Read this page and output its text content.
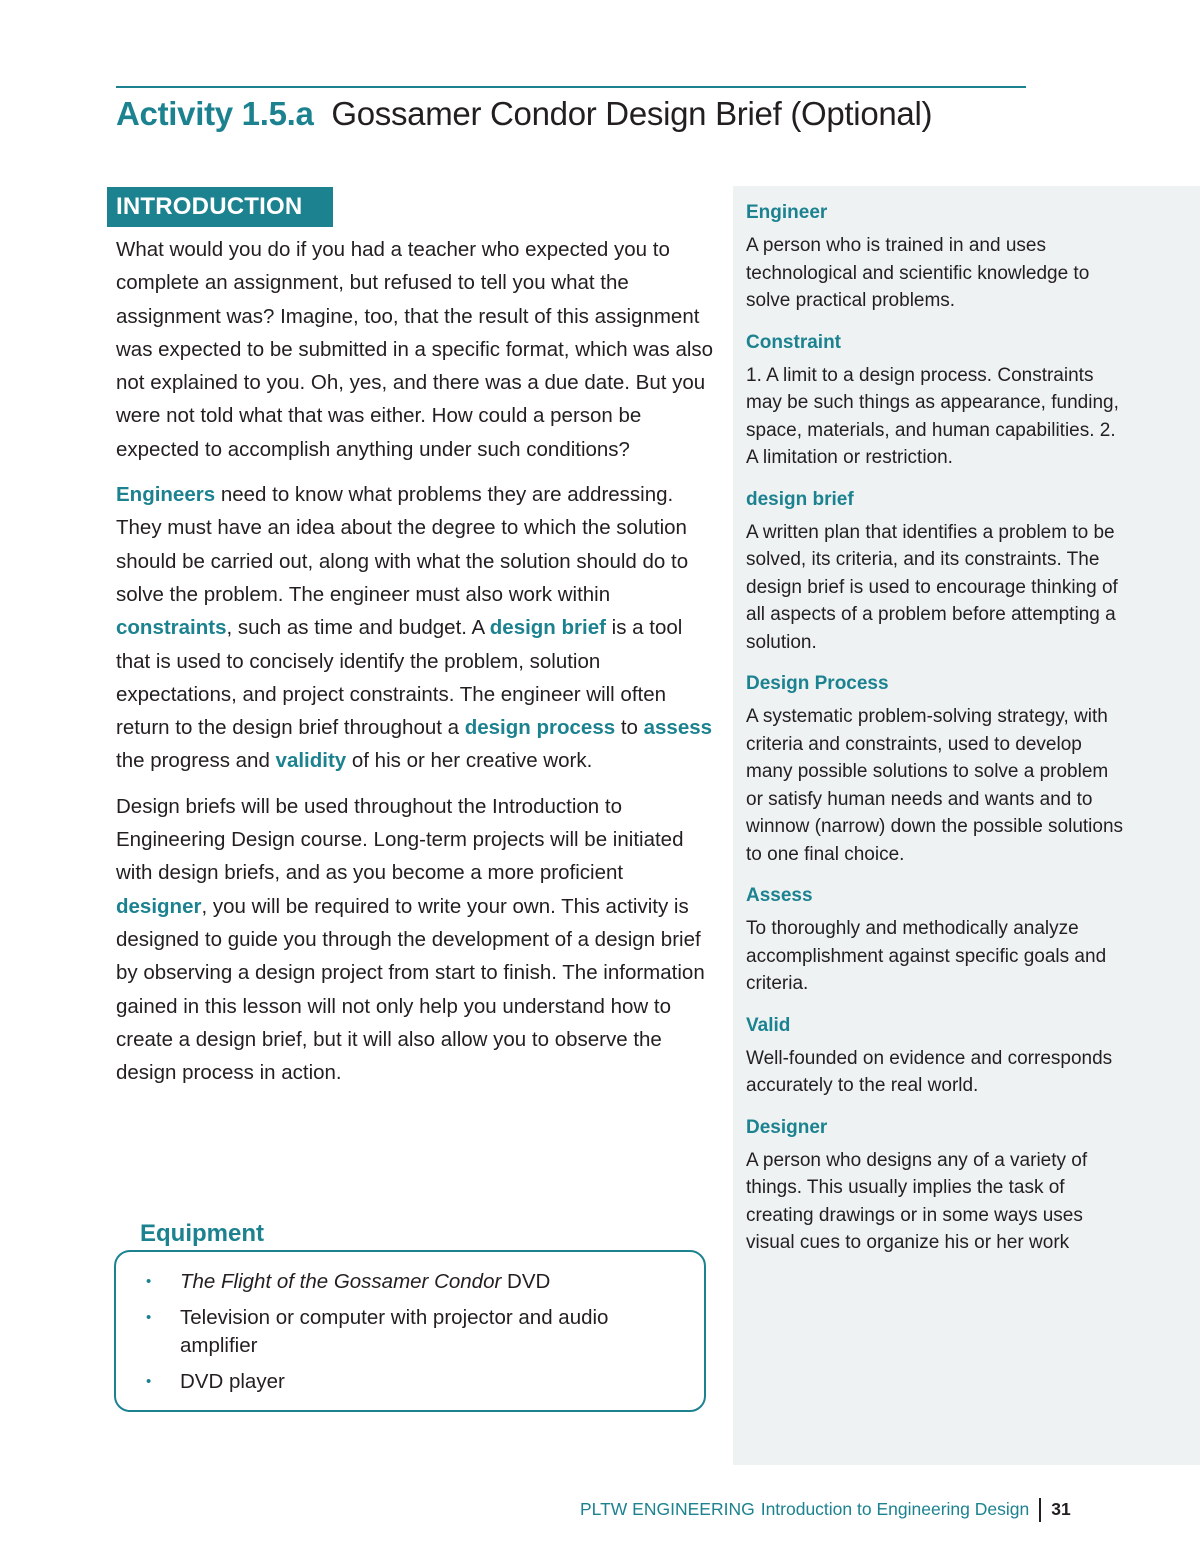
Activity 1.5.a Gossamer Condor Design Brief (Optional)
INTRODUCTION

What would you do if you had a teacher who expected you to complete an assignment, but refused to tell you what the assignment was? Imagine, too, that the result of this assignment was expected to be submitted in a specific format, which was also not explained to you. Oh, yes, and there was a due date. But you were not told what that was either. How could a person be expected to accomplish anything under such conditions?

Engineers need to know what problems they are addressing. They must have an idea about the degree to which the solution should be carried out, along with what the solution should do to solve the problem. The engineer must also work within constraints, such as time and budget. A design brief is a tool that is used to concisely identify the problem, solution expectations, and project constraints. The engineer will often return to the design brief throughout a design process to assess the progress and validity of his or her creative work.

Design briefs will be used throughout the Introduction to Engineering Design course. Long-term projects will be initiated with design briefs, and as you become a more proficient designer, you will be required to write your own. This activity is designed to guide you through the development of a design brief by observing a design project from start to finish. The information gained in this lesson will not only help you understand how to create a design brief, but it will also allow you to observe the design process in action.

Equipment
• The Flight of the Gossamer Condor DVD
• Television or computer with projector and audio amplifier
• DVD player
Engineer
A person who is trained in and uses technological and scientific knowledge to solve practical problems.
Constraint
1. A limit to a design process. Constraints may be such things as appearance, funding, space, materials, and human capabilities. 2. A limitation or restriction.
design brief
A written plan that identifies a problem to be solved, its criteria, and its constraints. The design brief is used to encourage thinking of all aspects of a problem before attempting a solution.
Design Process
A systematic problem-solving strategy, with criteria and constraints, used to develop many possible solutions to solve a problem or satisfy human needs and wants and to winnow (narrow) down the possible solutions to one final choice.
Assess
To thoroughly and methodically analyze accomplishment against specific goals and criteria.
Valid
Well-founded on evidence and corresponds accurately to the real world.
Designer
A person who designs any of a variety of things. This usually implies the task of creating drawings or in some ways uses visual cues to organize his or her work
PLTW ENGINEERING Introduction to Engineering Design 31
